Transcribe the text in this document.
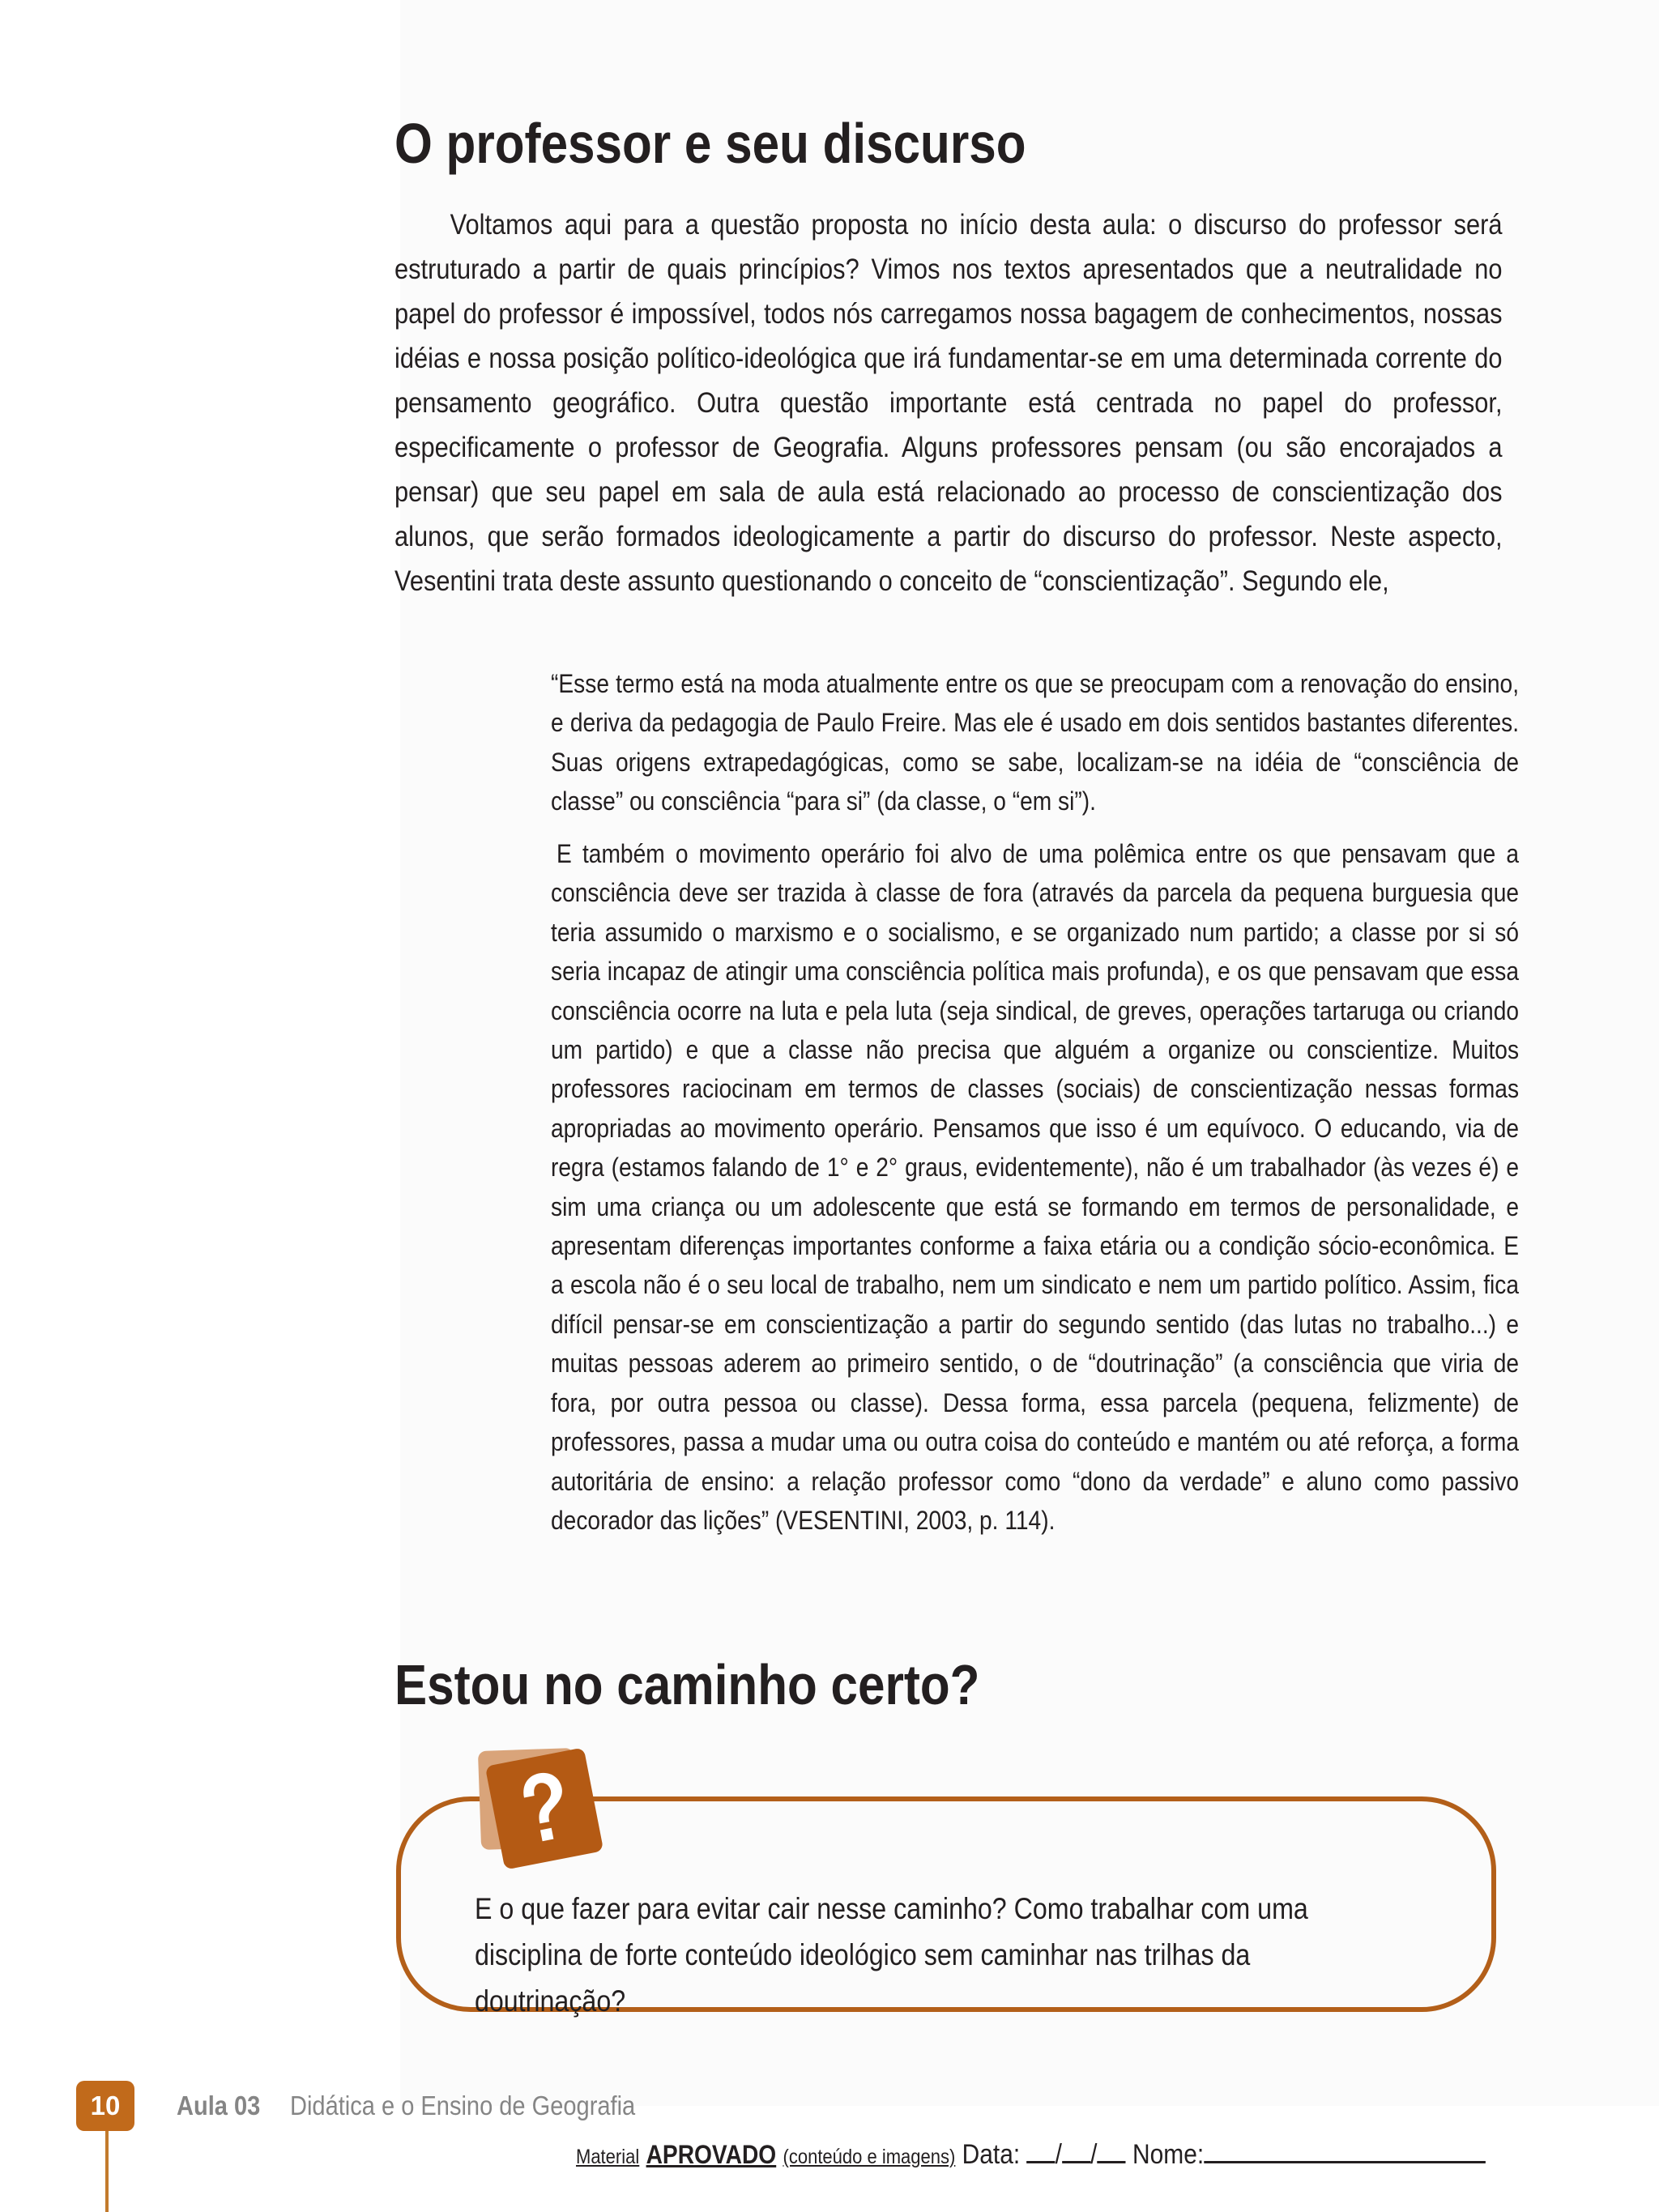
O professor e seu discurso

Voltamos aqui para a questão proposta no início desta aula: o discurso do professor será estruturado a partir de quais princípios? Vimos nos textos apresentados que a neutralidade no papel do professor é impossível, todos nós carregamos nossa bagagem de conhecimentos, nossas idéias e nossa posição político-ideológica que irá fundamentar-se em uma determinada corrente do pensamento geográfico. Outra questão importante está centrada no papel do professor, especificamente o professor de Geografia. Alguns professores pensam (ou são encorajados a pensar) que seu papel em sala de aula está relacionado ao processo de conscientização dos alunos, que serão formados ideologicamente a partir do discurso do professor. Neste aspecto, Vesentini trata deste assunto questionando o conceito de “conscientização”. Segundo ele,

“Esse termo está na moda atualmente entre os que se preocupam com a renovação do ensino, e deriva da pedagogia de Paulo Freire. Mas ele é usado em dois sentidos bastantes diferentes. Suas origens extrapedagógicas, como se sabe, localizam-se na idéia de “consciência de classe” ou consciência “para si” (da classe, o “em si”).

E também o movimento operário foi alvo de uma polêmica entre os que pensavam que a consciência deve ser trazida à classe de fora (através da parcela da pequena burguesia que teria assumido o marxismo e o socialismo, e se organizado num partido; a classe por si só seria incapaz de atingir uma consciência política mais profunda), e os que pensavam que essa consciência ocorre na luta e pela luta (seja sindical, de greves, operações tartaruga ou criando um partido) e que a classe não precisa que alguém a organize ou conscientize. Muitos professores raciocinam em termos de classes (sociais) de conscientização nessas formas apropriadas ao movimento operário. Pensamos que isso é um equívoco. O educando, via de regra (estamos falando de 1° e 2° graus, evidentemente), não é um trabalhador (às vezes é) e sim uma criança ou um adolescente que está se formando em termos de personalidade, e apresentam diferenças importantes conforme a faixa etária ou a condição sócio-econômica. E a escola não é o seu local de trabalho, nem um sindicato e nem um partido político. Assim, fica difícil pensar-se em conscientização a partir do segundo sentido (das lutas no trabalho...) e muitas pessoas aderem ao primeiro sentido, o de “doutrinação” (a consciência que viria de fora, por outra pessoa ou classe). Dessa forma, essa parcela (pequena, felizmente) de professores, passa a mudar uma ou outra coisa do conteúdo e mantém ou até reforça, a forma autoritária de ensino: a relação professor como “dono da verdade” e aluno como passivo decorador das lições” (VESENTINI, 2003, p. 114).

Estou no caminho certo?

E o que fazer para evitar cair nesse caminho? Como trabalhar com uma disciplina de forte conteúdo ideológico sem caminhar nas trilhas da doutrinação?

10	Aula 03 Didática e o Ensino de Geografia
Material APROVADO (conteúdo e imagens) Data: / / Nome:
